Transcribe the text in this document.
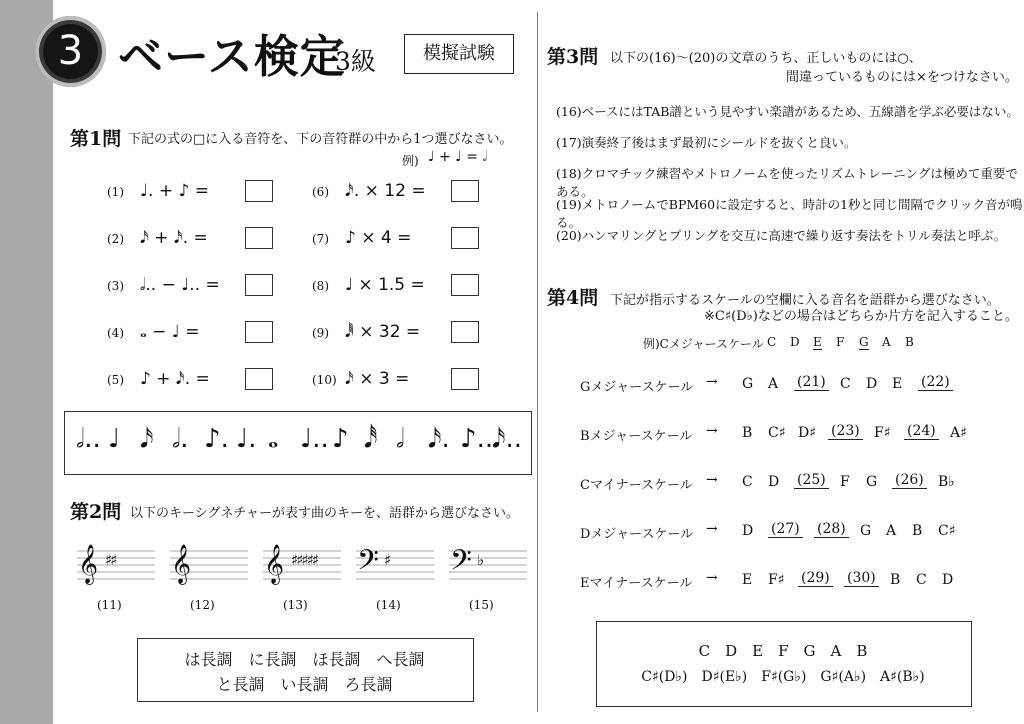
3 ベース検定
3級	模擬試験
第1問 下記の式の□に入る音符を、下の音符群の中から1つ選びなさい。
例) ♩ + ♩ = 𝅗𝅥
第2問 以下のキーシグネチャーが表す曲のキーを、語群から選びなさい。
は長調　に長調　ほ長調　へ長調
と長調　い長調　ろ長調
第3問 以下の(16)〜(20)の文章のうち、正しいものには○、
間違っているものには×をつけなさい。
第4問 下記が指示するスケールの空欄に入る音名を語群から選びなさい。
※C♯(D♭)などの場合はどちらか片方を記入すること。
例)Cメジャースケール
C　D　E　F　G　A　B
C♯(D♭)　D♯(E♭)　F♯(G♭)　G♯(A♭)　A♯(B♭)
(1) ♩. + ♪ =
(2) 𝅘𝅥𝅯 + 𝅘𝅥𝅯. =
(3) 𝅗𝅥.. − ♩.. =
(4) 𝅝 − ♩ =
(5) ♪ + 𝅘𝅥𝅯. =
(6) 𝅘𝅥𝅯. × 12 =
(7) ♪ × 4 =
(8) ♩ × 1.5 =
(9) 𝅘𝅥𝅱 × 32 =
(10) 𝅘𝅥𝅯 × 3 =
𝅗𝅥.. ♩ 𝅘𝅥𝅯 𝅗𝅥. ♪. ♩. 𝅝 ♩.. ♪ 𝅘𝅥𝅰 𝅗𝅥 𝅘𝅥𝅯. ♪..
𝅘𝅥𝅯..
𝄞 ♯♯
(11)
𝄞
(12)
𝄞 ♯♯♯♯♯
(13)
𝄢 ♯
(14)
𝄢 ♭
(15)
(16)ベースにはTAB譜という見やすい楽譜があるため、五線譜を学ぶ必要はない。
(17)演奏終了後はまず最初にシールドを抜くと良い。
(18)クロマチック練習やメトロノームを使ったリズムトレーニングは極めて重要である。
(19)メトロノームでBPM60に設定すると、時計の1秒と同じ間隔でクリック音が鳴る。
(20)ハンマリングとプリングを交互に高速で繰り返す奏法をトリル奏法と呼ぶ。
C D E F G A B
Gメジャースケール → G A (21) C D E (22)
Bメジャースケール → B C♯ D♯ (23) F♯ (24) A♯
Cマイナースケール → C D (25) F G (26) B♭
Dメジャースケール → D (27) (28) G A B C♯
Eマイナースケール → E F♯ (29) (30) B C D
